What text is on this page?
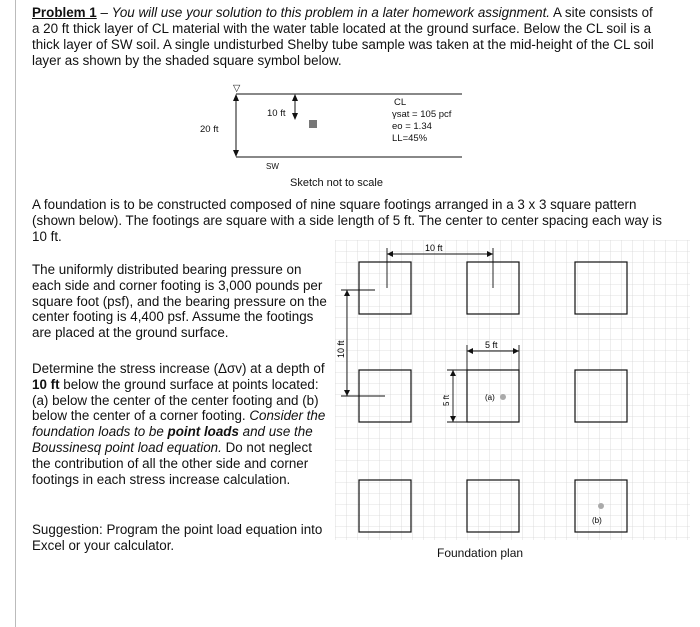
Problem 1 – You will use your solution to this problem in a later homework assignment. A site consists of a 20 ft thick layer of CL material with the water table located at the ground surface. Below the CL soil is a thick layer of SW soil. A single undisturbed Shelby tube sample was taken at the mid-height of the CL soil layer as shown by the shaded square symbol below.
▽
10 ft
20 ft
CL
γsat = 105 pcf
eo = 1.34
LL=45%
SW
Sketch not to scale
A foundation is to be constructed composed of nine square footings arranged in a 3 x 3 square pattern (shown below). The footings are square with a side length of 5 ft. The center to center spacing each way is 10 ft.
The uniformly distributed bearing pressure on each side and corner footing is 3,000 pounds per square foot (psf), and the bearing pressure on the center footing is 4,400 psf. Assume the footings are placed at the ground surface.
Determine the stress increase (Δσv) at a depth of 10 ft below the ground surface at points located: (a) below the center of the center footing and (b) below the center of a corner footing. Consider the foundation loads to be point loads and use the Boussinesq point load equation. Do not neglect the contribution of all the other side and corner footings in each stress increase calculation.
Suggestion: Program the point load equation into Excel or your calculator.
10 ft
10 ft	5 ft
5 ft	(a)
(b)
Foundation plan
